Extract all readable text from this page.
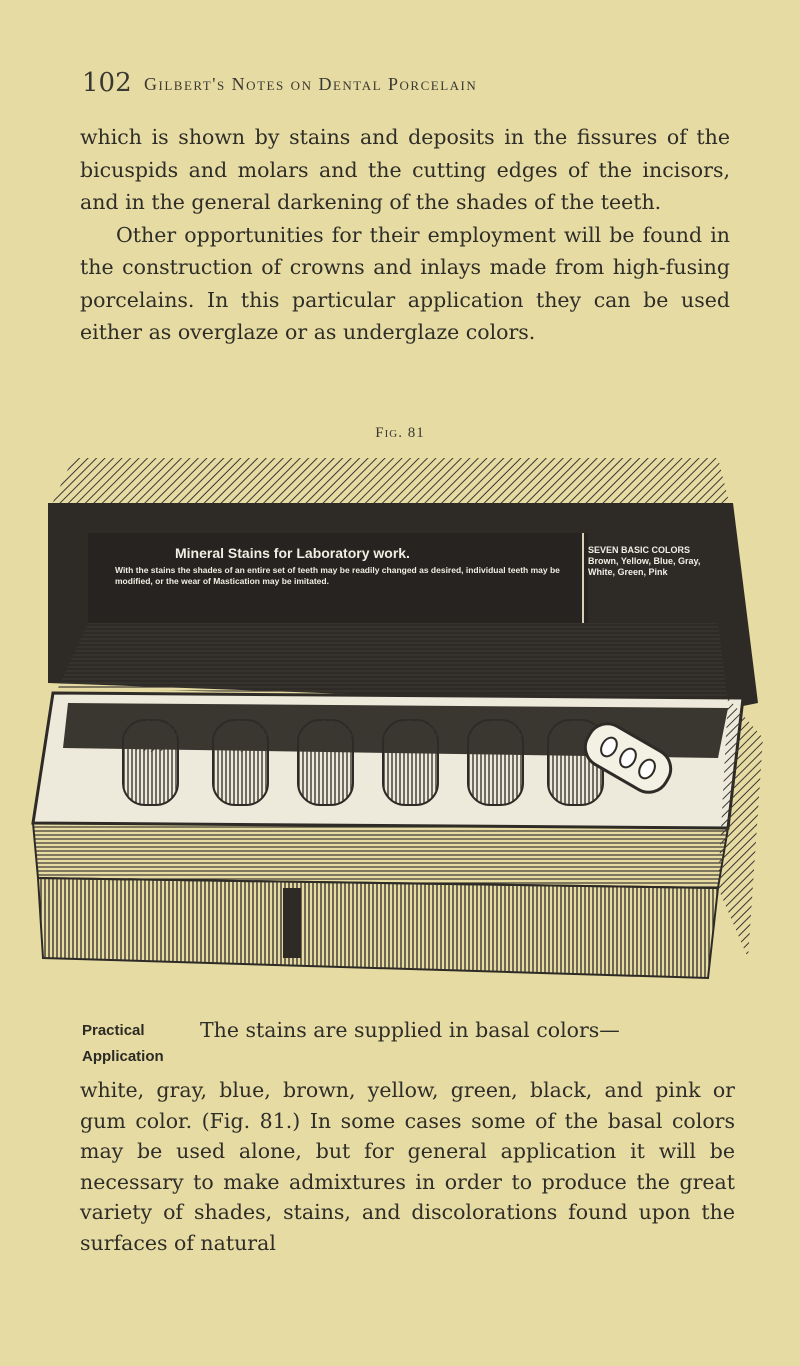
102 Gilbert's Notes on Dental Porcelain
which is shown by stains and deposits in the fissures of the bicuspids and molars and the cutting edges of the incisors, and in the general darkening of the shades of the teeth.
Other opportunities for their employment will be found in the construction of crowns and inlays made from high-fusing porcelains. In this particular application they can be used either as overglaze or as underglaze colors.
Fig. 81
Mineral Stains for Laboratory work.
With the stains the shades of an entire set of teeth may be readily changed as desired, individual teeth may be modified, or the wear of Mastication may be imitated.
SEVEN BASIC COLORS Brown, Yellow, Blue, Gray, White, Green, Pink
Practical Application
The stains are supplied in basal colors—
white, gray, blue, brown, yellow, green, black, and pink or gum color. (Fig. 81.) In some cases some of the basal colors may be used alone, but for general application it will be necessary to make admixtures in order to produce the great variety of shades, stains, and discolorations found upon the surfaces of natural
